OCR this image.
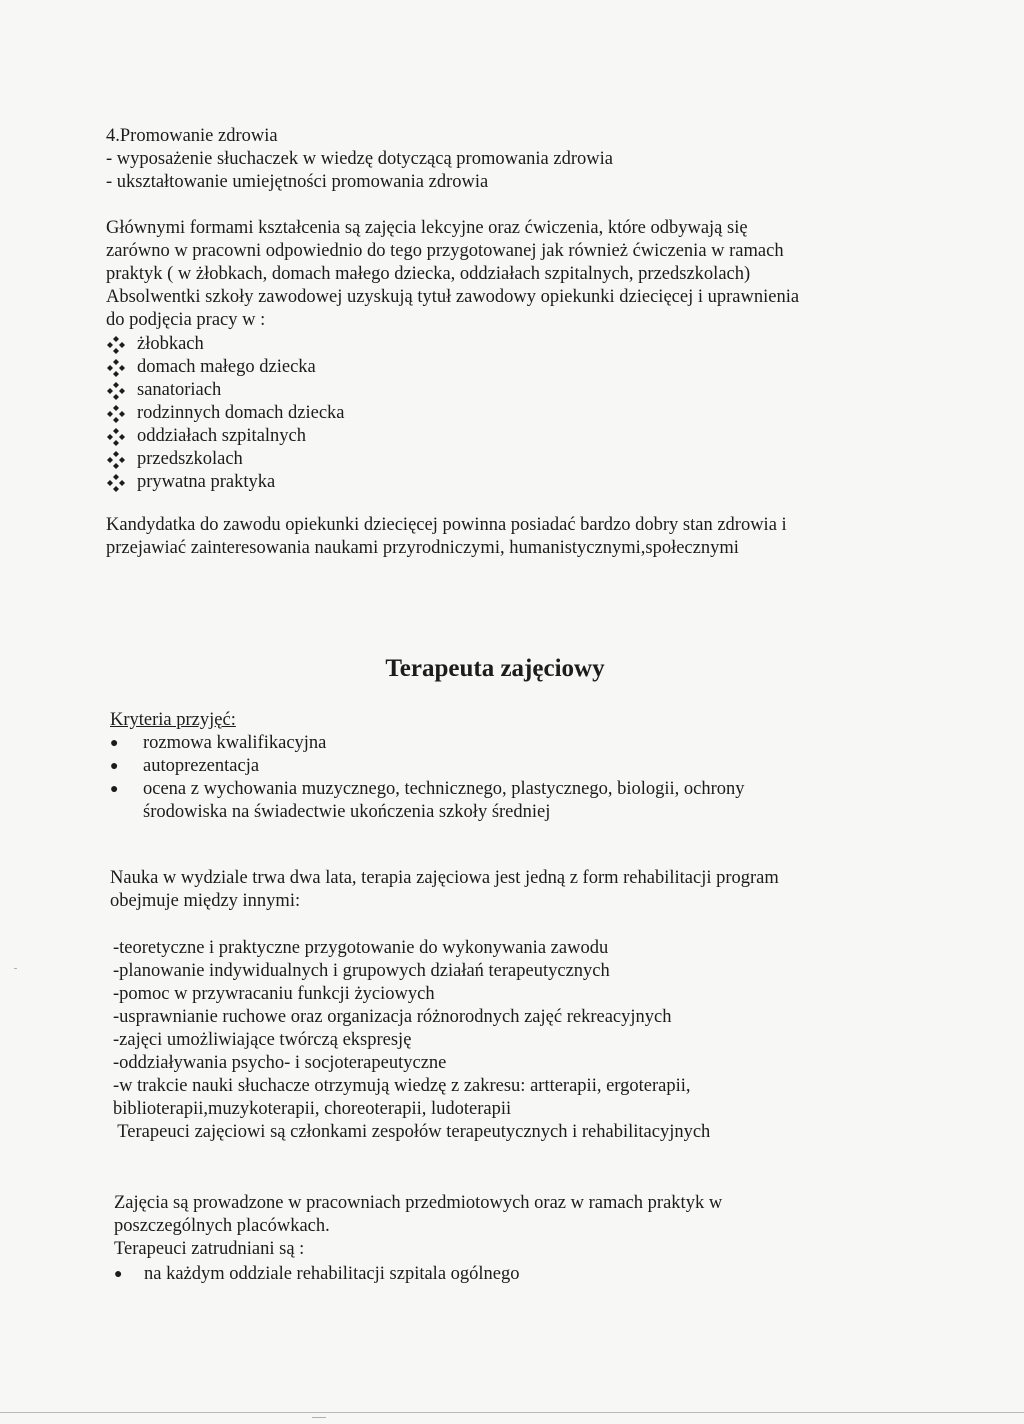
4.Promowanie zdrowia
- wyposażenie słuchaczek w wiedzę dotyczącą promowania zdrowia
- ukształtowanie umiejętności promowania zdrowia
Głównymi formami kształcenia są zajęcia lekcyjne oraz ćwiczenia, które odbywają się
zarówno w pracowni odpowiednio do tego przygotowanej jak również ćwiczenia w ramach
praktyk ( w żłobkach, domach małego dziecka, oddziałach szpitalnych, przedszkolach)
Absolwentki szkoły zawodowej uzyskują tytuł zawodowy opiekunki dziecięcej i uprawnienia
do podjęcia pracy w :
żłobkach
domach małego dziecka
sanatoriach
rodzinnych domach dziecka
oddziałach szpitalnych
przedszkolach
prywatna praktyka
Kandydatka do zawodu opiekunki dziecięcej powinna posiadać bardzo dobry stan zdrowia i
przejawiać zainteresowania naukami przyrodniczymi, humanistycznymi,społecznymi
Terapeuta zajęciowy
Kryteria przyjęć:
●	rozmowa kwalifikacyjna
●	autoprezentacja
●	ocena z wychowania muzycznego, technicznego, plastycznego, biologii, ochrony
środowiska na świadectwie ukończenia szkoły średniej
Nauka w wydziale trwa dwa lata, terapia zajęciowa jest jedną z form rehabilitacji program
obejmuje między innymi:
-teoretyczne i praktyczne przygotowanie do wykonywania zawodu
-planowanie indywidualnych i grupowych działań terapeutycznych
-pomoc w przywracaniu funkcji życiowych
-usprawnianie ruchowe oraz organizacja różnorodnych zajęć rekreacyjnych
-zajęci umożliwiające twórczą ekspresję
-oddziaływania psycho- i socjoterapeutyczne
-w trakcie nauki słuchacze otrzymują wiedzę z zakresu: artterapii, ergoterapii,
biblioterapii,muzykoterapii, choreoterapii, ludoterapii
Terapeuci zajęciowi są członkami zespołów terapeutycznych i rehabilitacyjnych
Zajęcia są prowadzone w pracowniach przedmiotowych oraz w ramach praktyk w
poszczególnych placówkach.
Terapeuci zatrudniani są :
●	na każdym oddziale rehabilitacji szpitala ogólnego
